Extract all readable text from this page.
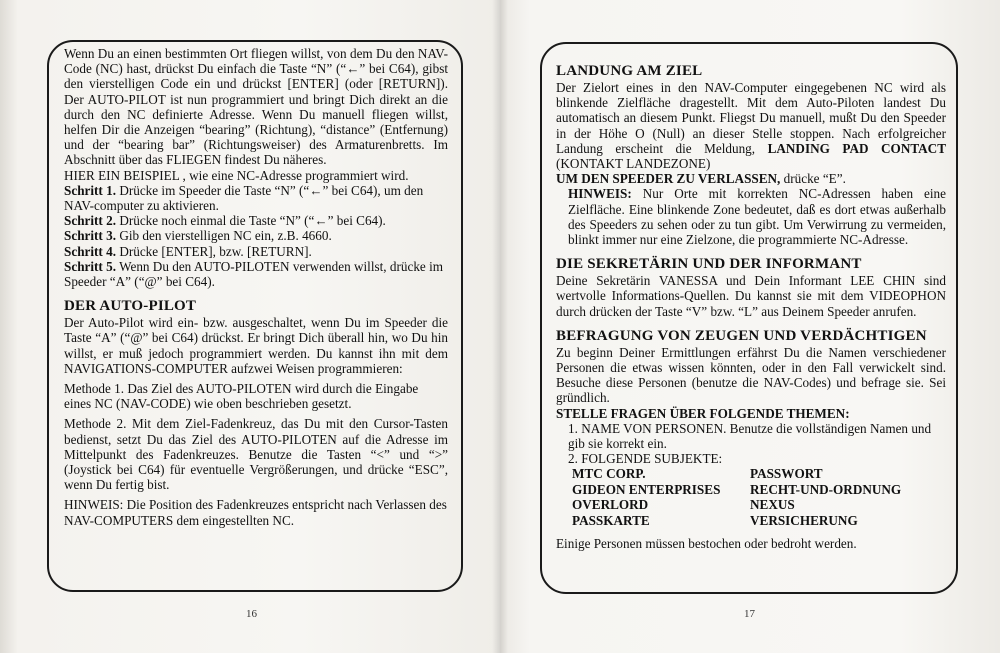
Wenn Du an einen bestimmten Ort fliegen willst, von dem Du den NAV-Code (NC) hast, drückst Du einfach die Taste “N” (“←” bei C64), gibst den vierstelligen Code ein und drückst [ENTER] (oder [RETURN]). Der AUTO-PILOT ist nun programmiert und bringt Dich direkt an die durch den NC definierte Adresse. Wenn Du manuell fliegen willst, helfen Dir die Anzeigen “bearing” (Richtung), “distance” (Entfernung) und der “bearing bar” (Richtungsweiser) des Armaturenbretts. Im Abschnitt über das FLIEGEN findest Du näheres.

HIER EIN BEISPIEL , wie eine NC-Adresse programmiert wird.

Schritt 1. Drücke im Speeder die Taste “N” (“←” bei C64), um den NAV-computer zu aktivieren.

Schritt 2. Drücke noch einmal die Taste “N” (“←” bei C64).

Schritt 3. Gib den vierstelligen NC ein, z.B. 4660.

Schritt 4. Drücke [ENTER], bzw. [RETURN].

Schritt 5. Wenn Du den AUTO-PILOTEN verwenden willst, drücke im Speeder “A” (“@” bei C64).

DER AUTO-PILOT

Der Auto-Pilot wird ein- bzw. ausgeschaltet, wenn Du im Speeder die Taste “A” (“@” bei C64) drückst. Er bringt Dich überall hin, wo Du hin willst, er muß jedoch programmiert werden. Du kannst ihn mit dem NAVIGATIONS-COMPUTER aufzwei Weisen programmieren:

Methode 1. Das Ziel des AUTO-PILOTEN wird durch die Eingabe eines NC (NAV-CODE) wie oben beschrieben gesetzt.

Methode 2. Mit dem Ziel-Fadenkreuz, das Du mit den Cursor-Tasten bedienst, setzt Du das Ziel des AUTO-PILOTEN auf die Adresse im Mittelpunkt des Fadenkreuzes. Benutze die Tasten “<” und “>” (Joystick bei C64) für eventuelle Vergrößerungen, und drücke “ESC”, wenn Du fertig bist.

HINWEIS: Die Position des Fadenkreuzes entspricht nach Verlassen des NAV-COMPUTERS dem eingestellten NC.

16
LANDUNG AM ZIEL

Der Zielort eines in den NAV-Computer eingegebenen NC wird als blinkende Zielfläche dragestellt. Mit dem Auto-Piloten landest Du automatisch an diesem Punkt. Fliegst Du manuell, mußt Du den Speeder in der Höhe O (Null) an dieser Stelle stoppen. Nach erfolgreicher Landung erscheint die Meldung, LANDING PAD CONTACT (KONTAKT LANDEZONE)

UM DEN SPEEDER ZU VERLASSEN, drücke “E”.

HINWEIS: Nur Orte mit korrekten NC-Adressen haben eine Zielfläche. Eine blinkende Zone bedeutet, daß es dort etwas außerhalb des Speeders zu sehen oder zu tun gibt. Um Verwirrung zu vermeiden, blinkt immer nur eine Zielzone, die programmierte NC-Adresse.

DIE SEKRETÄRIN UND DER INFORMANT

Deine Sekretärin VANESSA und Dein Informant LEE CHIN sind wertvolle Informations-Quellen. Du kannst sie mit dem VIDEOPHON durch drücken der Taste “V” bzw. “L” aus Deinem Speeder anrufen.

BEFRAGUNG VON ZEUGEN UND VERDÄCHTIGEN

Zu beginn Deiner Ermittlungen erfährst Du die Namen verschiedener Personen die etwas wissen könnten, oder in den Fall verwickelt sind. Besuche diese Personen (benutze die NAV-Codes) und befrage sie. Sei gründlich.

STELLE FRAGEN ÜBER FOLGENDE THEMEN:

1. NAME VON PERSONEN. Benutze die vollständigen Namen und gib sie korrekt ein.

2. FOLGENDE SUBJEKTE:

MTC CORP.	PASSWORT
GIDEON ENTERPRISES	RECHT-UND-ORDNUNG
OVERLORD	NEXUS
PASSKARTE	VERSICHERUNG

Einige Personen müssen bestochen oder bedroht werden.

17
